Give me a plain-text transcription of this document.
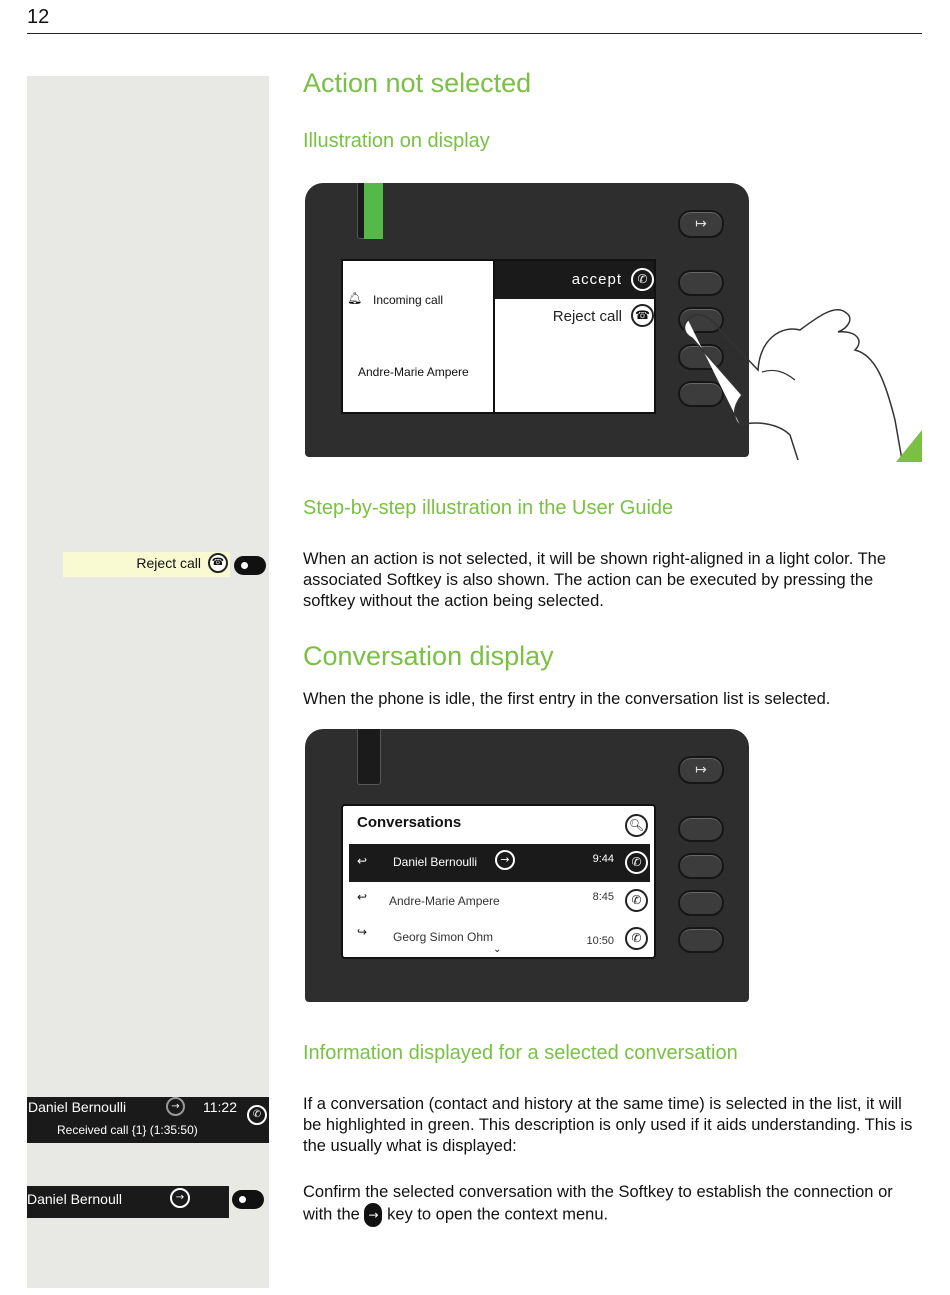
12
Action not selected
Illustration on display
↦
🔔︎ Incoming call
Andre-Marie Ampere
accept	✆
Reject call	☎
Step-by-step illustration in the User Guide
Reject call	☎	When an action is not selected, it will be shown right-aligned in a light color. The associated Softkey is also shown. The action can be executed by pressing the softkey without the action being selected.

Conversation display

When the phone is idle, the first entry in the conversation list is selected.

↦
Conversations	🔍︎
↩ Daniel Bernoulli	→	9:44	✆
↩ Andre-Marie Ampere	8:45	✆
↪ Georg Simon Ohm	10:50	✆
⌄
Information displayed for a selected conversation
Daniel Bernoulli	→	11:22
Received call {1} (1:35:50)
✆

If a conversation (contact and history at the same time) is selected in the list, it will be highlighted in green. This description is only used if it aids understanding. This is the usually what is displayed:

Daniel Bernoull	→	Confirm the selected conversation with the Softkey to establish the connection or with the → key to open the context menu.
